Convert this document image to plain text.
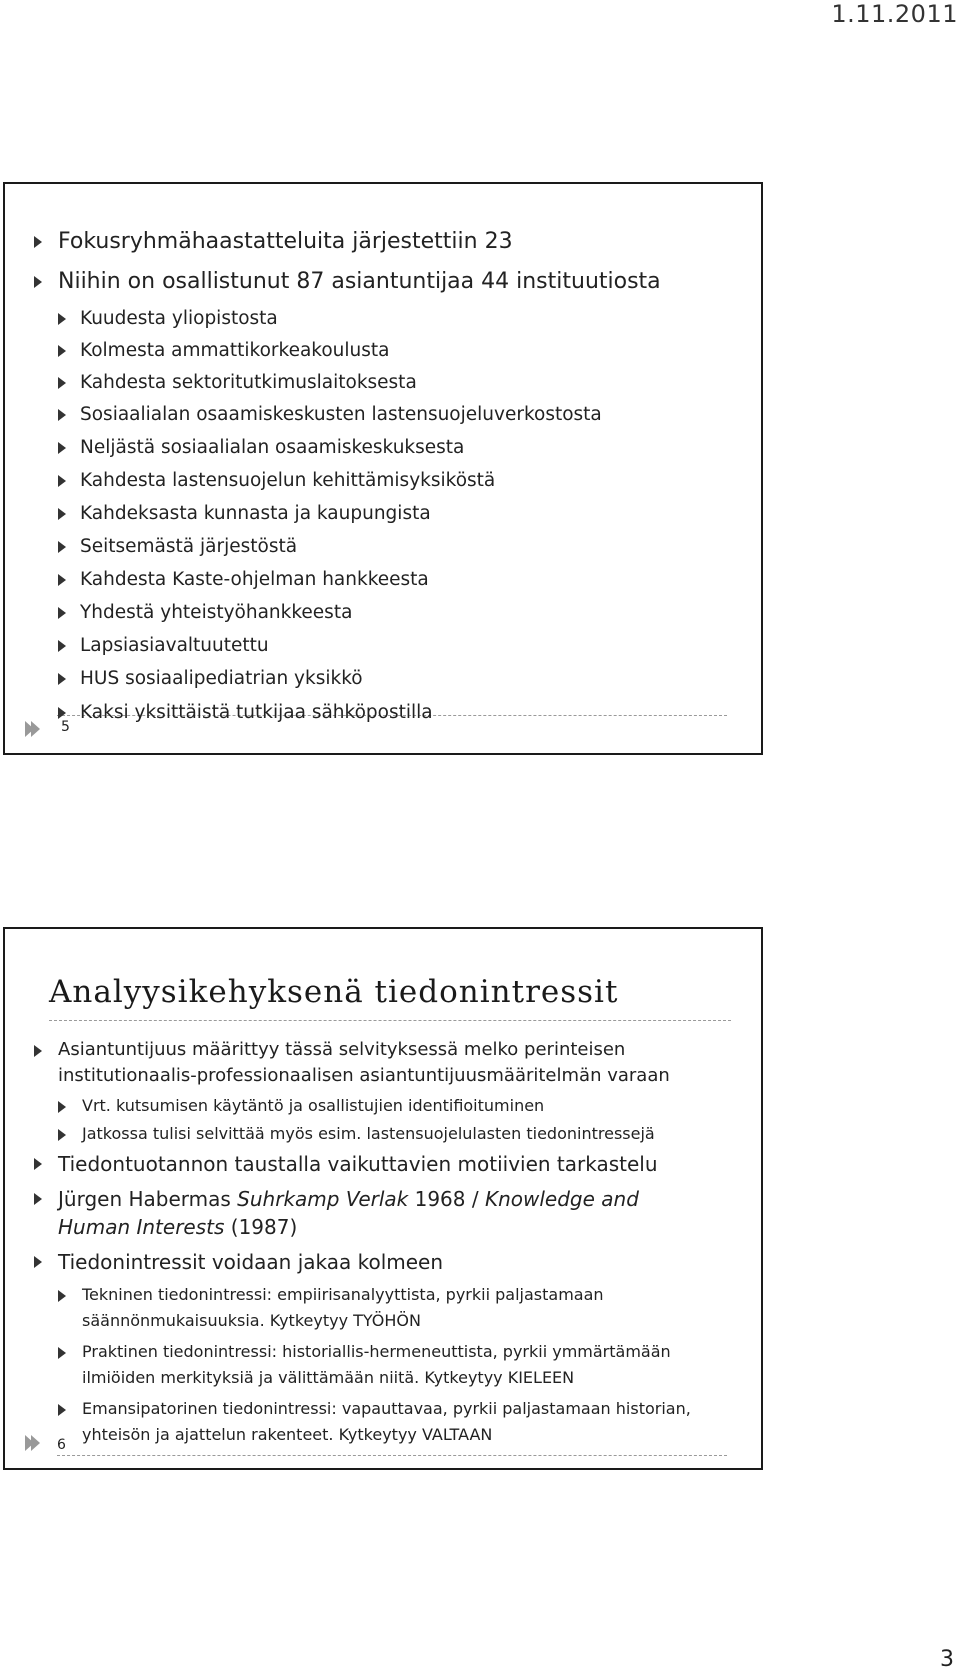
1.11.2011
Fokusryhmähaastatteluita järjestettiin 23
Niihin on osallistunut 87 asiantuntijaa 44 instituutiosta
Kuudesta yliopistosta
Kolmesta ammattikorkeakoulusta
Kahdesta sektoritutkimuslaitoksesta
Sosiaalialan osaamiskeskusten lastensuojeluverkostosta
Neljästä sosiaalialan osaamiskeskuksesta
Kahdesta lastensuojelun kehittämisyksiköstä
Kahdeksasta kunnasta ja kaupungista
Seitsemästä järjestöstä
Kahdesta Kaste-ohjelman hankkeesta
Yhdestä yhteistyöhankkeesta
Lapsiasiavaltuutettu
HUS sosiaalipediatrian yksikkö
5
Kaksi yksittäistä tutkijaa sähköpostilla
Analyysikehyksenä tiedonintressit
Asiantuntijuus määrittyy tässä selvityksessä melko perinteisen institutionaalis-professionaalisen asiantuntijuusmääritelmän varaan
Vrt. kutsumisen käytäntö ja osallistujien identifioituminen
Jatkossa tulisi selvittää myös esim. lastensuojelulasten tiedonintressejä
Tiedontuotannon taustalla vaikuttavien motiivien tarkastelu
Jürgen Habermas Suhrkamp Verlak 1968 / Knowledge and Human Interests (1987)
Tiedonintressit voidaan jakaa kolmeen
Tekninen tiedonintressi: empiirisanalyyttista, pyrkii paljastamaan säännönmukaisuuksia. Kytkeytyy TYÖHÖN
Praktinen tiedonintressi: historiallis-hermeneuttista, pyrkii ymmärtämään ilmiöiden merkityksiä ja välittämään niitä. Kytkeytyy KIELEEN
Emansipatorinen tiedonintressi: vapauttavaa, pyrkii paljastamaan historian, yhteisön ja ajattelun rakenteet. Kytkeytyy VALTAAN
6
3
